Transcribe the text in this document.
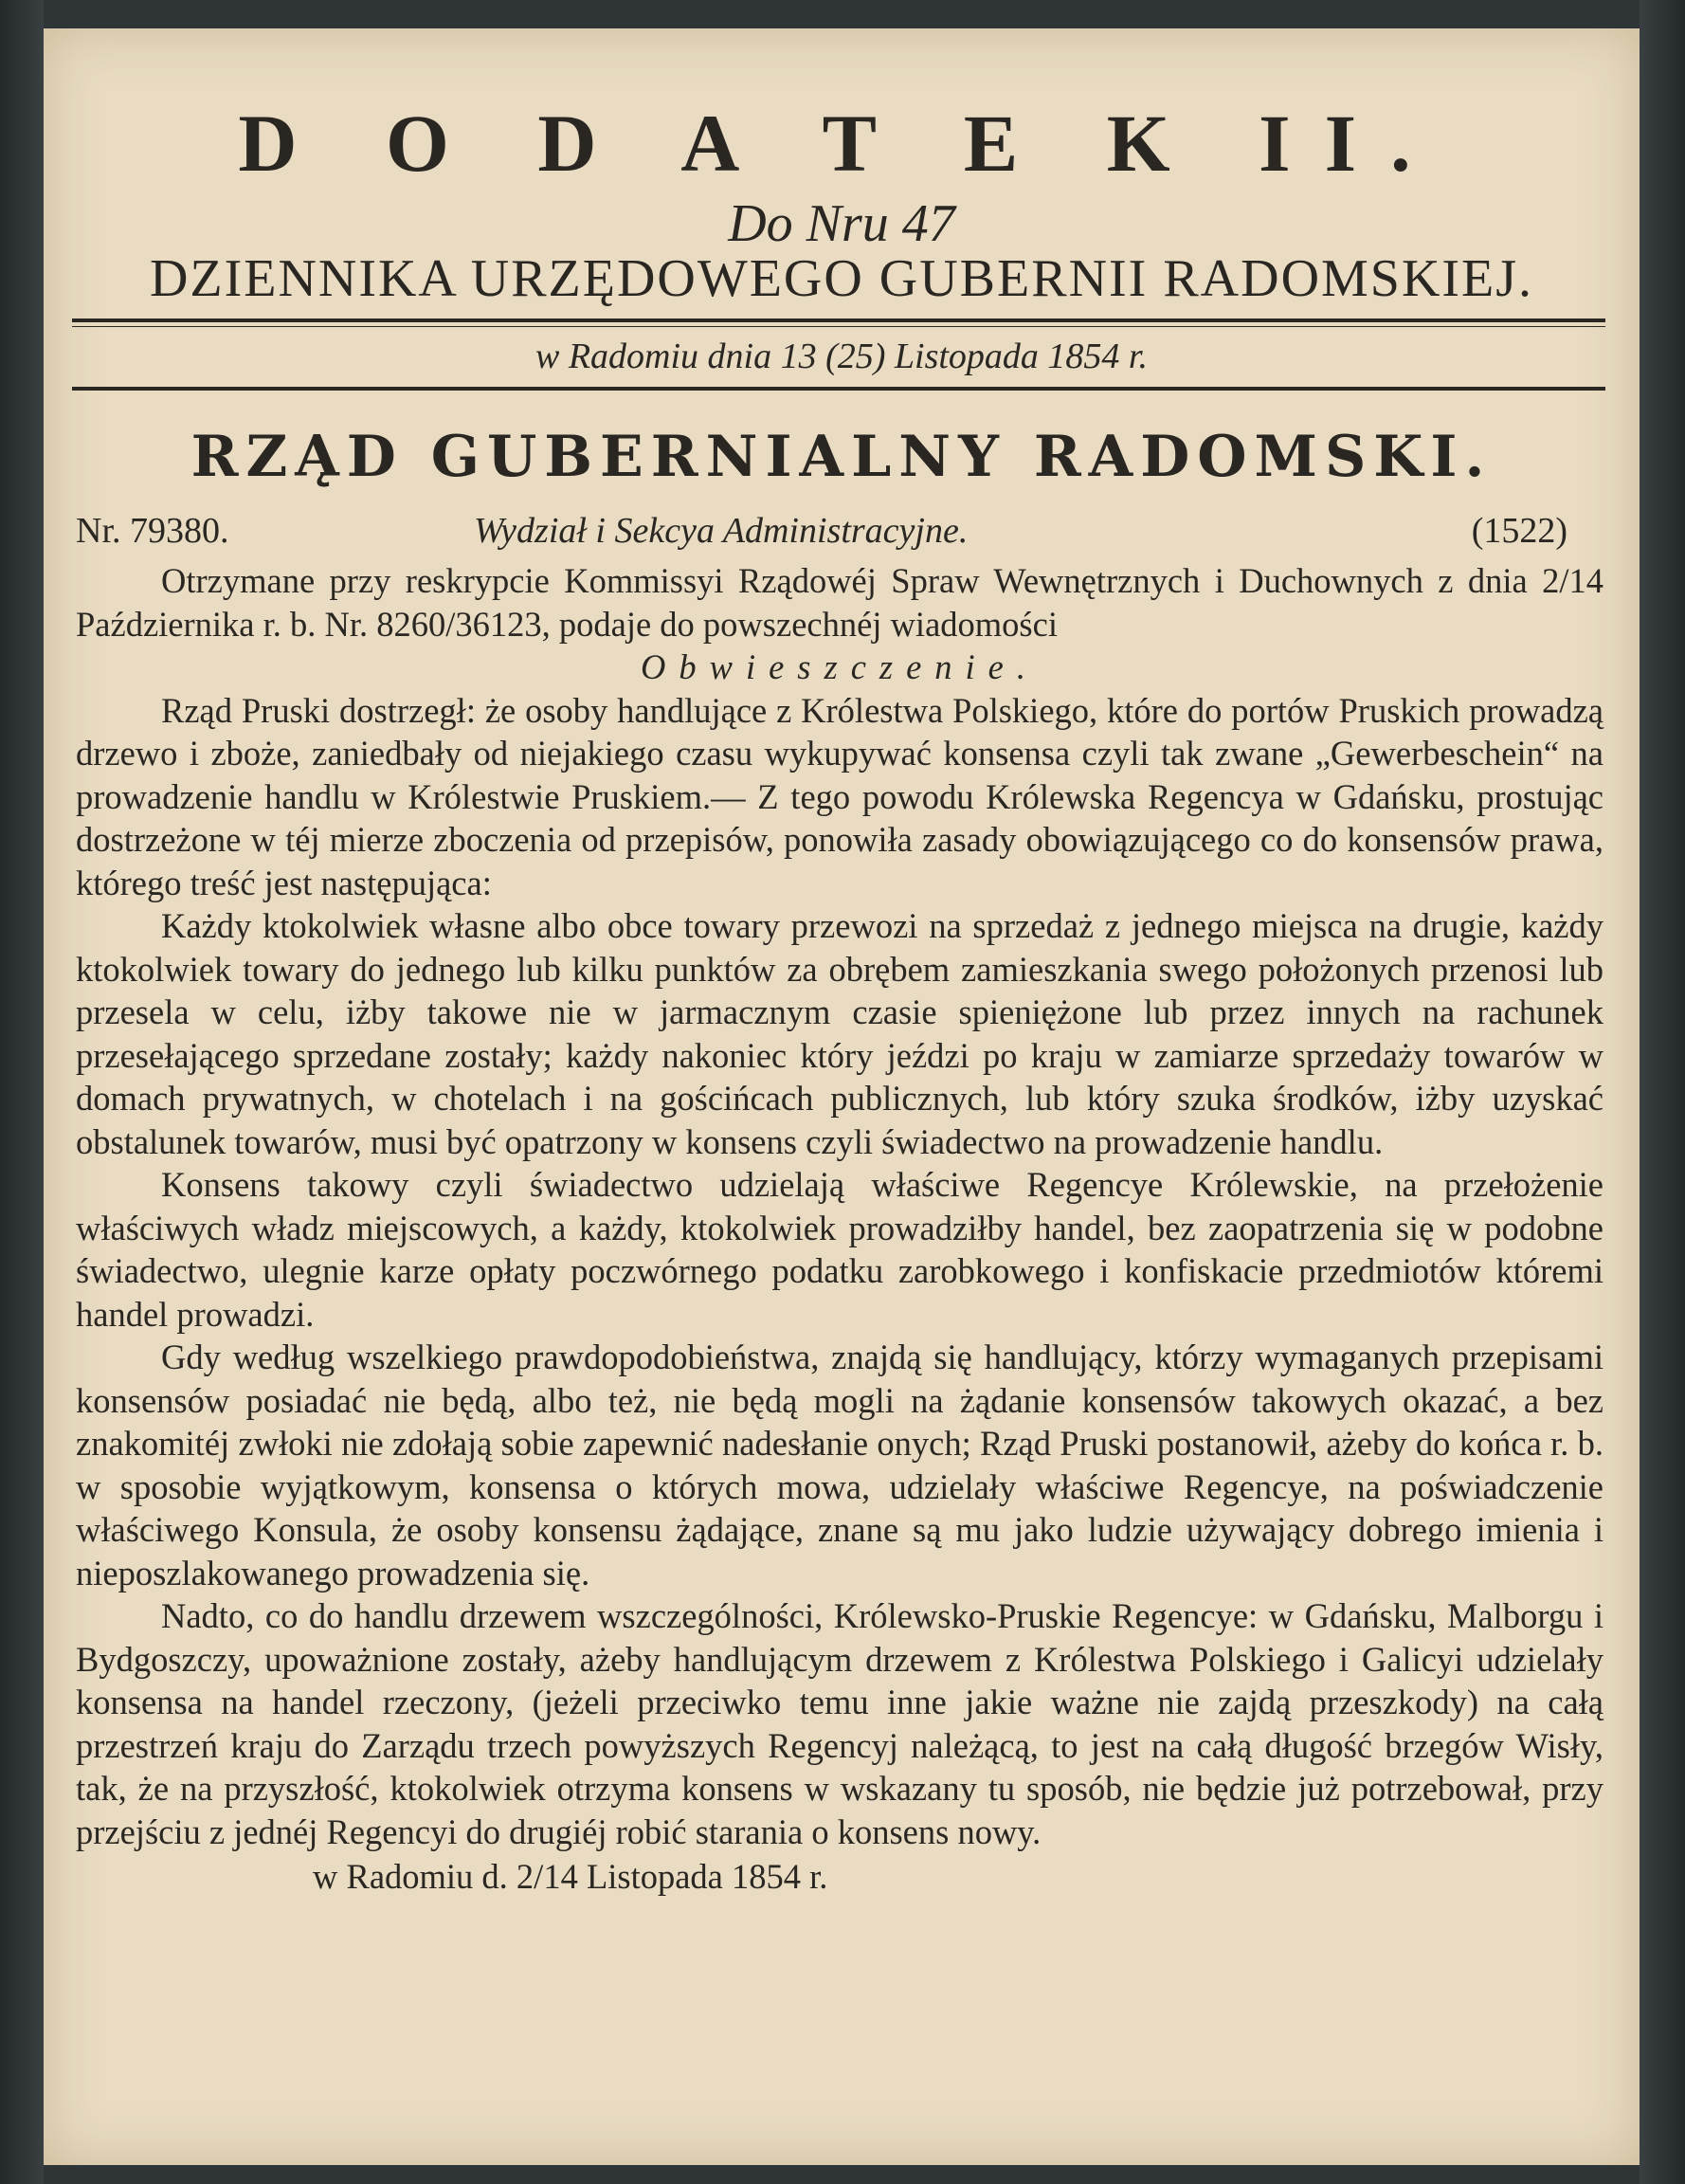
D O D A T E K II.
Do Nru 47
DZIENNIKA URZĘDOWEGO GUBERNII RADOMSKIEJ.
w Radomiu dnia 13 (25) Listopada 1854 r.
RZĄD GUBERNIALNY RADOMSKI.
Nr. 79380.	Wydział i Sekcya Administracyjne.	(1522)

Otrzymane przy reskrypcie Kommissyi Rządowéj Spraw Wewnętrznych i Duchownych z dnia 2/14 Października r. b. Nr. 8260/36123, podaje do powszechnéj wiadomości

Obwieszczenie.

Rząd Pruski dostrzegł: że osoby handlujące z Królestwa Polskiego, które do portów Pruskich prowadzą drzewo i zboże, zaniedbały od niejakiego czasu wykupywać konsensa czyli tak zwane „Gewerbeschein“ na prowadzenie handlu w Królestwie Pruskiem.— Z tego powodu Królewska Regencya w Gdańsku, prostując dostrzeżone w téj mierze zboczenia od przepisów, ponowiła zasady obowiązującego co do konsensów prawa, którego treść jest następująca:

Każdy ktokolwiek własne albo obce towary przewozi na sprzedaż z jednego miejsca na drugie, każdy ktokolwiek towary do jednego lub kilku punktów za obrębem zamieszkania swego położonych przenosi lub przesela w celu, iżby takowe nie w jarmacznym czasie spieniężone lub przez innych na rachunek przesełającego sprzedane zostały; każdy nakoniec który jeździ po kraju w zamiarze sprzedaży towarów w domach prywatnych, w chotelach i na gościńcach publicznych, lub który szuka środków, iżby uzyskać obstalunek towarów, musi być opatrzony w konsens czyli świadectwo na prowadzenie handlu.

Konsens takowy czyli świadectwo udzielają właściwe Regencye Królewskie, na przełożenie właściwych władz miejscowych, a każdy, ktokolwiek prowadziłby handel, bez zaopatrzenia się w podobne świadectwo, ulegnie karze opłaty poczwórnego podatku zarobkowego i konfiskacie przedmiotów któremi handel prowadzi.

Gdy według wszelkiego prawdopodobieństwa, znajdą się handlujący, którzy wymaganych przepisami konsensów posiadać nie będą, albo też, nie będą mogli na żądanie konsensów takowych okazać, a bez znakomitéj zwłoki nie zdołają sobie zapewnić nadesłanie onych; Rząd Pruski postanowił, ażeby do końca r. b. w sposobie wyjątkowym, konsensa o których mowa, udzielały właściwe Regencye, na poświadczenie właściwego Konsula, że osoby konsensu żądające, znane są mu jako ludzie używający dobrego imienia i nieposzlakowanego prowadzenia się.

Nadto, co do handlu drzewem wszczególności, Królewsko-Pruskie Regencye: w Gdańsku, Malborgu i Bydgoszczy, upoważnione zostały, ażeby handlującym drzewem z Królestwa Polskiego i Galicyi udzielały konsensa na handel rzeczony, (jeżeli przeciwko temu inne jakie ważne nie zajdą przeszkody) na całą przestrzeń kraju do Zarządu trzech powyższych Regencyj należącą, to jest na całą długość brzegów Wisły, tak, że na przyszłość, ktokolwiek otrzyma konsens w wskazany tu sposób, nie będzie już potrzebował, przy przejściu z jednéj Regencyi do drugiéj robić starania o konsens nowy.

w Radomiu d. 2/14 Listopada 1854 r.
